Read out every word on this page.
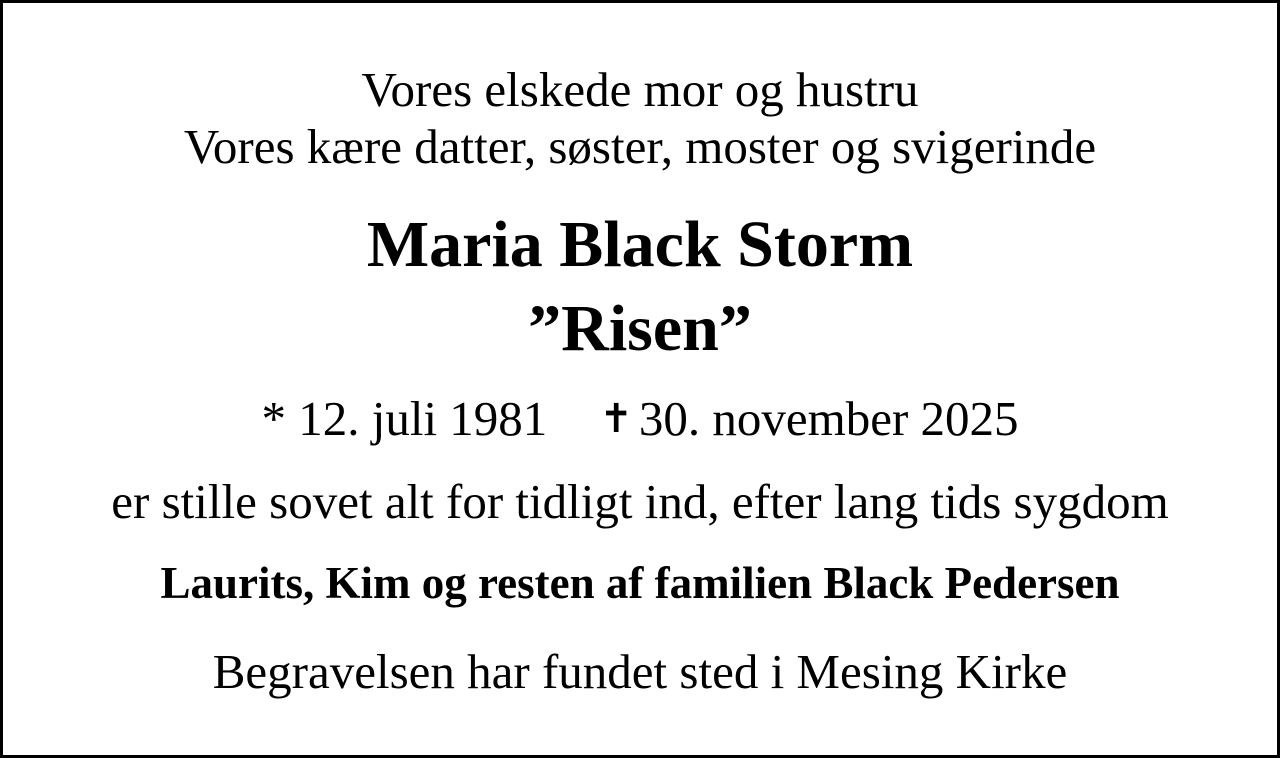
Vores elskede mor og hustru
Vores kære datter, søster, moster og svigerinde
Maria Black Storm
”Risen”
* 12. juli 1981 ✝ 30. november 2025
er stille sovet alt for tidligt ind, efter lang tids sygdom
Laurits, Kim og resten af familien Black Pedersen
Begravelsen har fundet sted i Mesing Kirke
